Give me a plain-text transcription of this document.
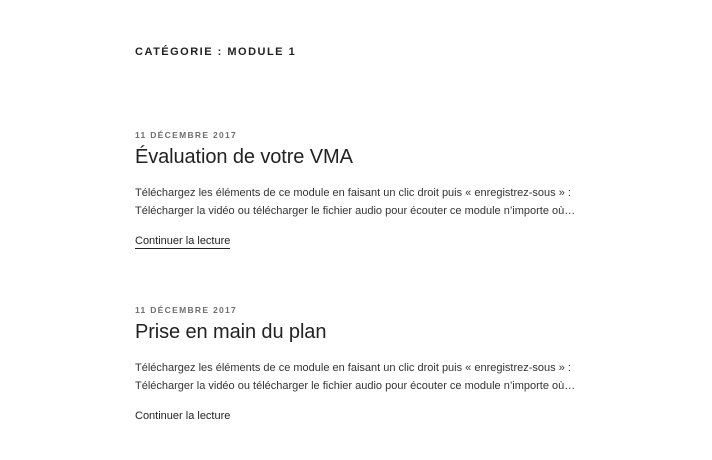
CATÉGORIE : MODULE 1
11 DÉCEMBRE 2017
Évaluation de votre VMA
Téléchargez les éléments de ce module en faisant un clic droit puis « enregistrez-sous » :
Télécharger la vidéo ou télécharger le fichier audio pour écouter ce module n’importe où…
Continuer la lecture
11 DÉCEMBRE 2017
Prise en main du plan
Téléchargez les éléments de ce module en faisant un clic droit puis « enregistrez-sous » :
Télécharger la vidéo ou télécharger le fichier audio pour écouter ce module n’importe où…
Continuer la lecture
